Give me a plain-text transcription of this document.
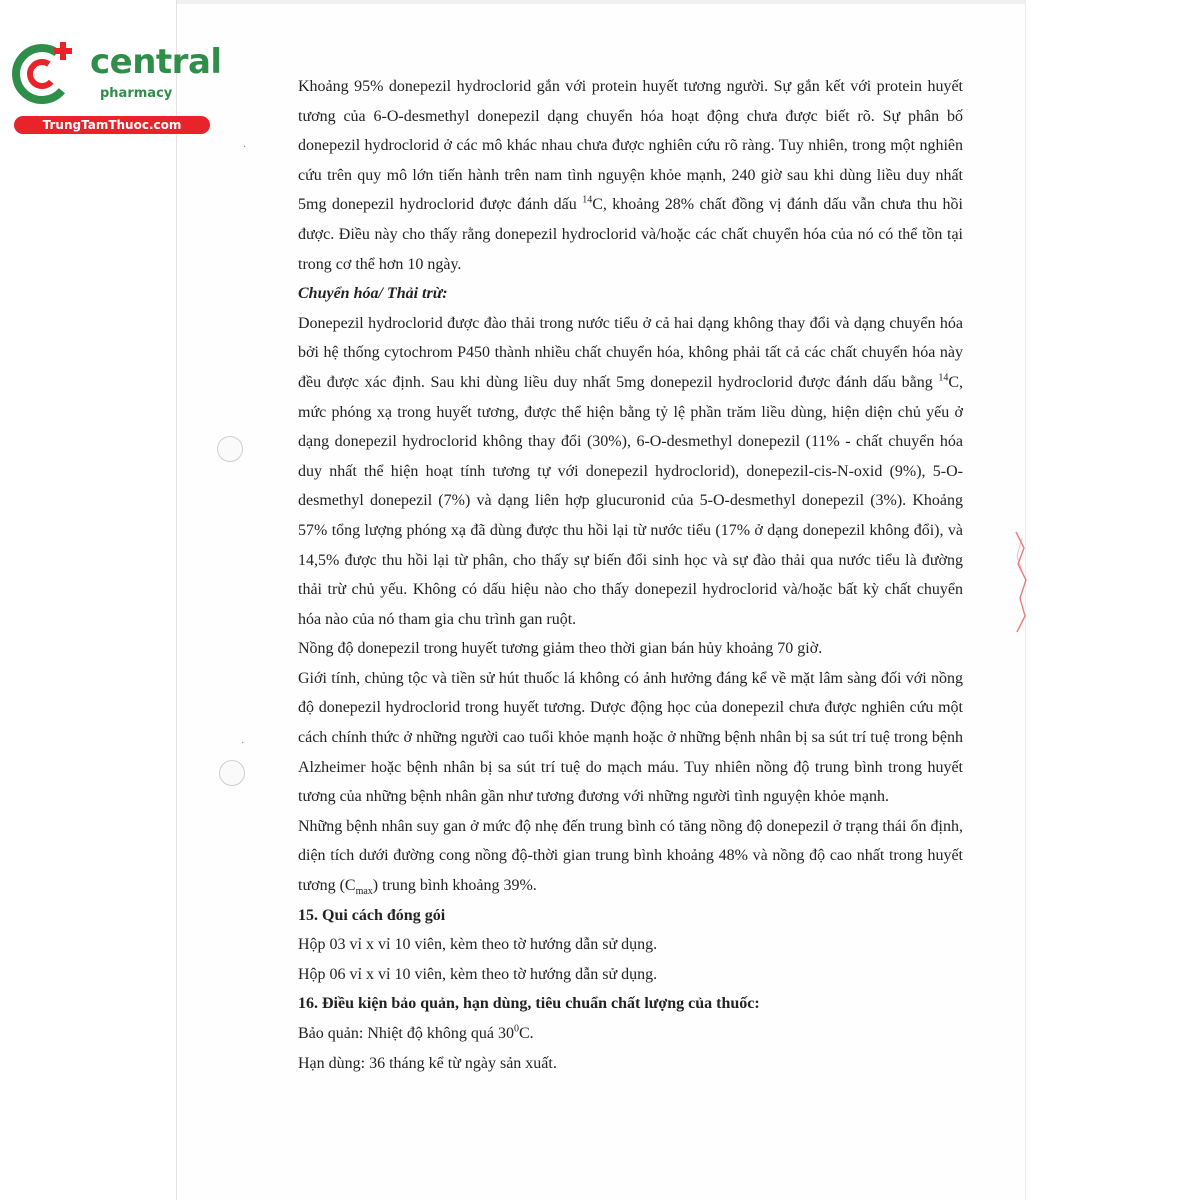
·
·
central
pharmacy
TrungTamThuoc.com

Khoảng 95% donepezil hydroclorid gắn với protein huyết tương người. Sự gắn kết với protein huyết tương của 6-O-desmethyl donepezil dạng chuyển hóa hoạt động chưa được biết rõ. Sự phân bố donepezil hydroclorid ở các mô khác nhau chưa được nghiên cứu rõ ràng. Tuy nhiên, trong một nghiên cứu trên quy mô lớn tiến hành trên nam tình nguyện khỏe mạnh, 240 giờ sau khi dùng liều duy nhất 5mg donepezil hydroclorid được đánh dấu $^{14}$C, khoảng 28% chất đồng vị đánh dấu vẫn chưa thu hồi được. Điều này cho thấy rằng donepezil hydroclorid và/hoặc các chất chuyển hóa của nó có thể tồn tại trong cơ thể hơn 10 ngày.

Chuyển hóa/ Thải trừ:

Donepezil hydroclorid được đào thải trong nước tiểu ở cả hai dạng không thay đổi và dạng chuyển hóa bởi hệ thống cytochrom P450 thành nhiều chất chuyển hóa, không phải tất cả các chất chuyển hóa này đều được xác định. Sau khi dùng liều duy nhất 5mg donepezil hydroclorid được đánh dấu bằng $^{14}$C, mức phóng xạ trong huyết tương, được thể hiện bằng tỷ lệ phần trăm liều dùng, hiện diện chủ yếu ở dạng donepezil hydroclorid không thay đổi (30%), 6-O-desmethyl donepezil (11% - chất chuyển hóa duy nhất thể hiện hoạt tính tương tự với donepezil hydroclorid), donepezil-cis-N-oxid (9%), 5-O-desmethyl donepezil (7%) và dạng liên hợp glucuronid của 5-O-desmethyl donepezil (3%). Khoảng 57% tổng lượng phóng xạ đã dùng được thu hồi lại từ nước tiểu (17% ở dạng donepezil không đổi), và 14,5% được thu hồi lại từ phân, cho thấy sự biến đổi sinh học và sự đào thải qua nước tiểu là đường thải trừ chủ yếu. Không có dấu hiệu nào cho thấy donepezil hydroclorid và/hoặc bất kỳ chất chuyển hóa nào của nó tham gia chu trình gan ruột.

Nồng độ donepezil trong huyết tương giảm theo thời gian bán hủy khoảng 70 giờ.

Giới tính, chủng tộc và tiền sử hút thuốc lá không có ảnh hưởng đáng kể về mặt lâm sàng đối với nồng độ donepezil hydroclorid trong huyết tương. Dược động học của donepezil chưa được nghiên cứu một cách chính thức ở những người cao tuổi khỏe mạnh hoặc ở những bệnh nhân bị sa sút trí tuệ trong bệnh Alzheimer hoặc bệnh nhân bị sa sút trí tuệ do mạch máu. Tuy nhiên nồng độ trung bình trong huyết tương của những bệnh nhân gần như tương đương với những người tình nguyện khỏe mạnh.

Những bệnh nhân suy gan ở mức độ nhẹ đến trung bình có tăng nồng độ donepezil ở trạng thái ổn định, diện tích dưới đường cong nồng độ-thời gian trung bình khoảng 48% và nồng độ cao nhất trong huyết tương $(C_{max})$ trung bình khoảng 39%.

15. Qui cách đóng gói

Hộp 03 vỉ x vỉ 10 viên, kèm theo tờ hướng dẫn sử dụng.

Hộp 06 vỉ x vỉ 10 viên, kèm theo tờ hướng dẫn sử dụng.

16. Điều kiện bảo quản, hạn dùng, tiêu chuẩn chất lượng của thuốc:

Bảo quản: Nhiệt độ không quá $30^0C$.

Hạn dùng: 36 tháng kể từ ngày sản xuất.
